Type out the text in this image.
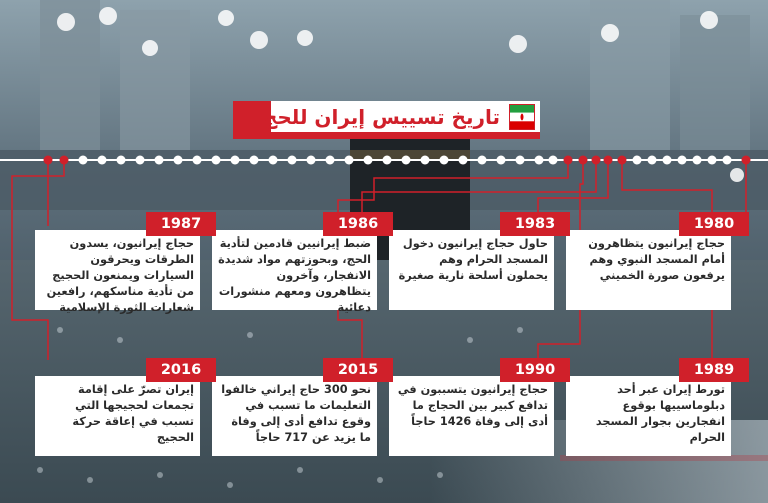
تاريخ تسييس إيران للحج
حجاج إيرانيون يتظاهرون أمام المسجد النبوي وهم يرفعون صورة الخميني
1980
حاول حجاج إيرانيون دخول المسجد الحرام وهم يحملون أسلحة نارية صغيرة
1983
ضبط إيرانيين قادمين لتأدية الحج، وبحوزتهم مواد شديدة الانفجار، وآخرون يتظاهرون ومعهم منشورات دعائية
1986
حجاج إيرانيون، يسدون الطرقات ويحرقون السيارات ويمنعون الحجيج من تأدية مناسكهم، رافعين شعارات الثورة الإسلامية
1987
تورط إيران عبر أحد دبلوماسييها بوقوع انفجارين بجوار المسجد الحرام
1989
حجاج إيرانيون يتسببون في تدافع كبير بين الحجاج ما أدى إلى وفاة 1426 حاجاً
1990
نحو 300 حاج إيراني خالفوا التعليمات ما تسبب في وقوع تدافع أدى إلى وفاة ما يزيد عن 717 حاجاً
2015
إيران تصرّ على إقامة تجمعات لحجيجها التي تسبب في إعاقة حركة الحجيج
2016
